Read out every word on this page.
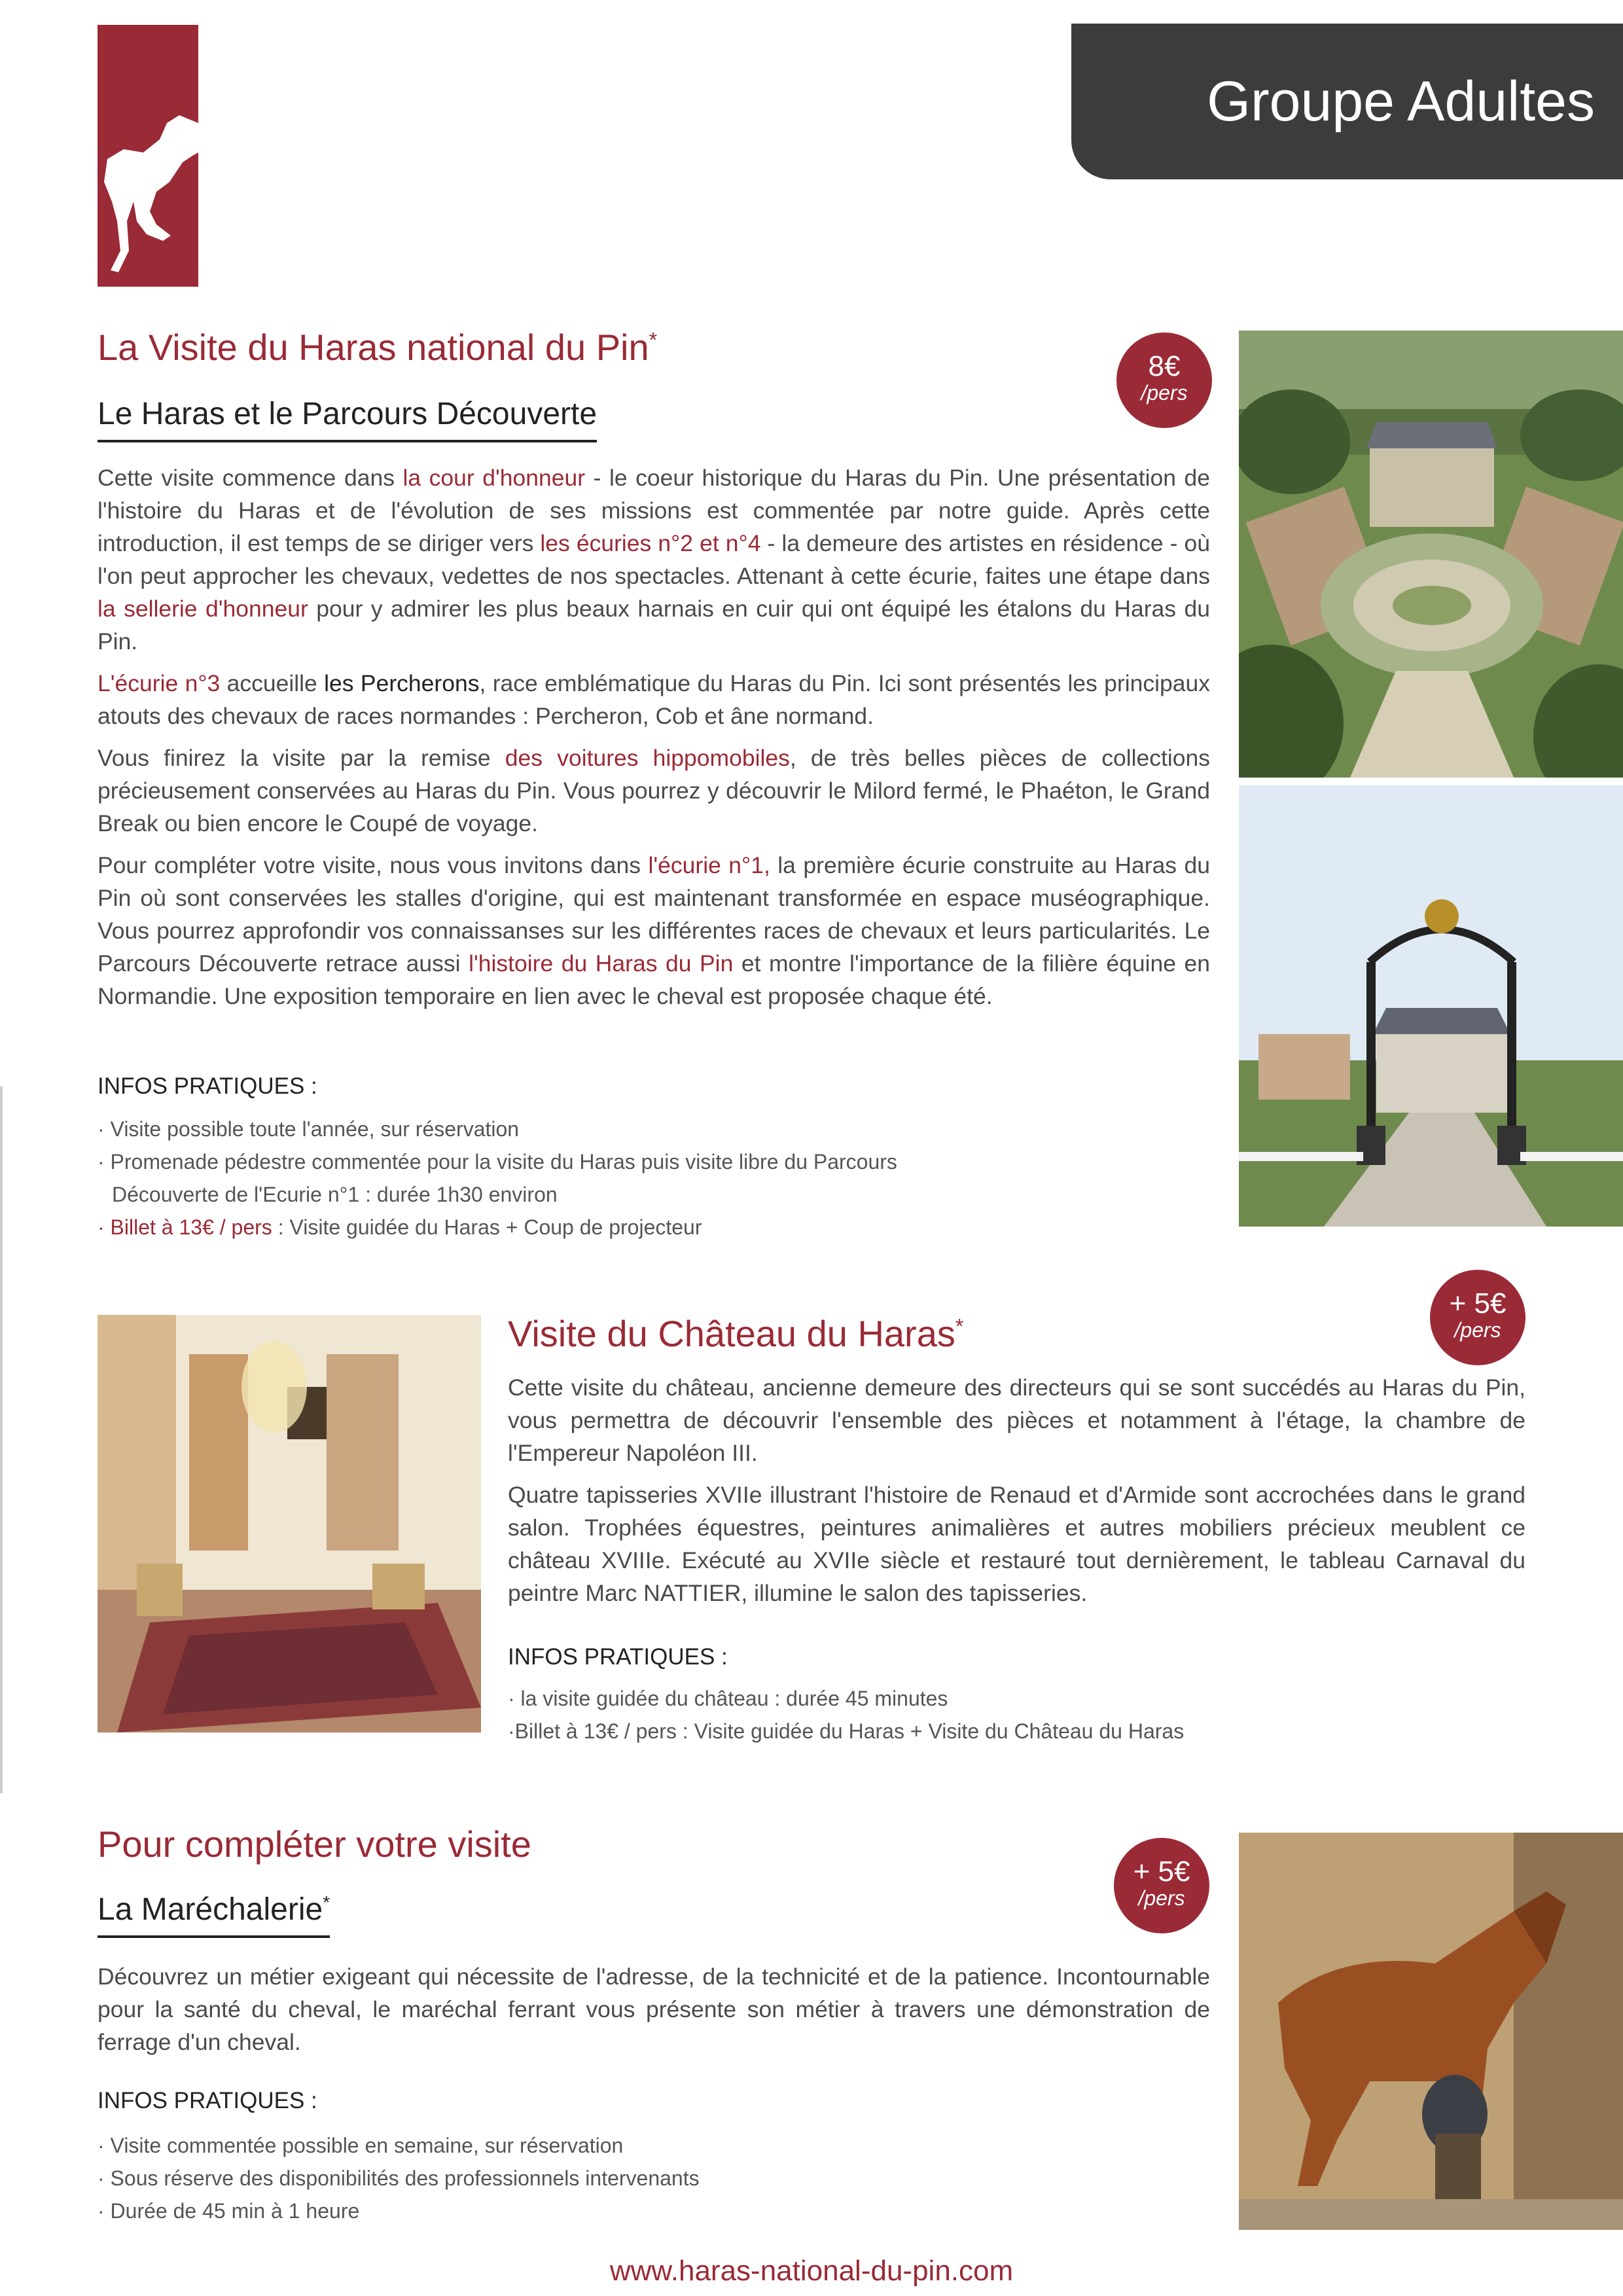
Groupe Adultes
La Visite du Haras national du Pin*
Le Haras et le Parcours Découverte
8€
/pers

Cette visite commence dans la cour d'honneur - le coeur historique du Haras du Pin. Une présentation de l'histoire du Haras et de l'évolution de ses missions est commentée par notre guide. Après cette introduction, il est temps de se diriger vers les écuries n°2 et n°4 - la demeure des artistes en résidence - où l'on peut approcher les chevaux, vedettes de nos spectacles. Attenant à cette écurie, faites une étape dans la sellerie d'honneur pour y admirer les plus beaux harnais en cuir qui ont équipé les étalons du Haras du Pin.

L'écurie n°3 accueille les Percherons, race emblématique du Haras du Pin. Ici sont présentés les principaux atouts des chevaux de races normandes : Percheron, Cob et âne normand.

Vous finirez la visite par la remise des voitures hippomobiles, de très belles pièces de collections précieusement conservées au Haras du Pin. Vous pourrez y découvrir le Milord fermé, le Phaéton, le Grand Break ou bien encore le Coupé de voyage.

Pour compléter votre visite, nous vous invitons dans l'écurie n°1, la première écurie construite au Haras du Pin où sont conservées les stalles d'origine, qui est maintenant transformée en espace muséographique. Vous pourrez approfondir vos connaissanses sur les différentes races de chevaux et leurs particularités. Le Parcours Découverte retrace aussi l'histoire du Haras du Pin et montre l'importance de la filière équine en Normandie. Une exposition temporaire en lien avec le cheval est proposée chaque été.

INFOS PRATIQUES :
· Visite possible toute l'année, sur réservation
· Promenade pédestre commentée pour la visite du Haras puis visite libre du Parcours
Découverte de l'Ecurie n°1 : durée 1h30 environ
· Billet à 13€ / pers : Visite guidée du Haras + Coup de projecteur
Visite du Château du Haras*
+ 5€
/pers

Cette visite du château, ancienne demeure des directeurs qui se sont succédés au Haras du Pin, vous permettra de découvrir l'ensemble des pièces et notamment à l'étage, la chambre de l'Empereur Napoléon III.

Quatre tapisseries XVIIe illustrant l'histoire de Renaud et d'Armide sont accrochées dans le grand salon. Trophées équestres, peintures animalières et autres mobiliers précieux meublent ce château XVIIIe. Exécuté au XVIIe siècle et restauré tout dernièrement, le tableau Carnaval du peintre Marc NATTIER, illumine le salon des tapisseries.

INFOS PRATIQUES :
· la visite guidée du château : durée 45 minutes
·Billet à 13€ / pers : Visite guidée du Haras + Visite du Château du Haras
Pour compléter votre visite
La Maréchalerie*
+ 5€
/pers

Découvrez un métier exigeant qui nécessite de l'adresse, de la technicité et de la patience. Incontournable pour la santé du cheval, le maréchal ferrant vous présente son métier à travers une démonstration de ferrage d'un cheval.

INFOS PRATIQUES :
· Visite commentée possible en semaine, sur réservation
· Sous réserve des disponibilités des professionnels intervenants
· Durée de 45 min à 1 heure
www.haras-national-du-pin.com
